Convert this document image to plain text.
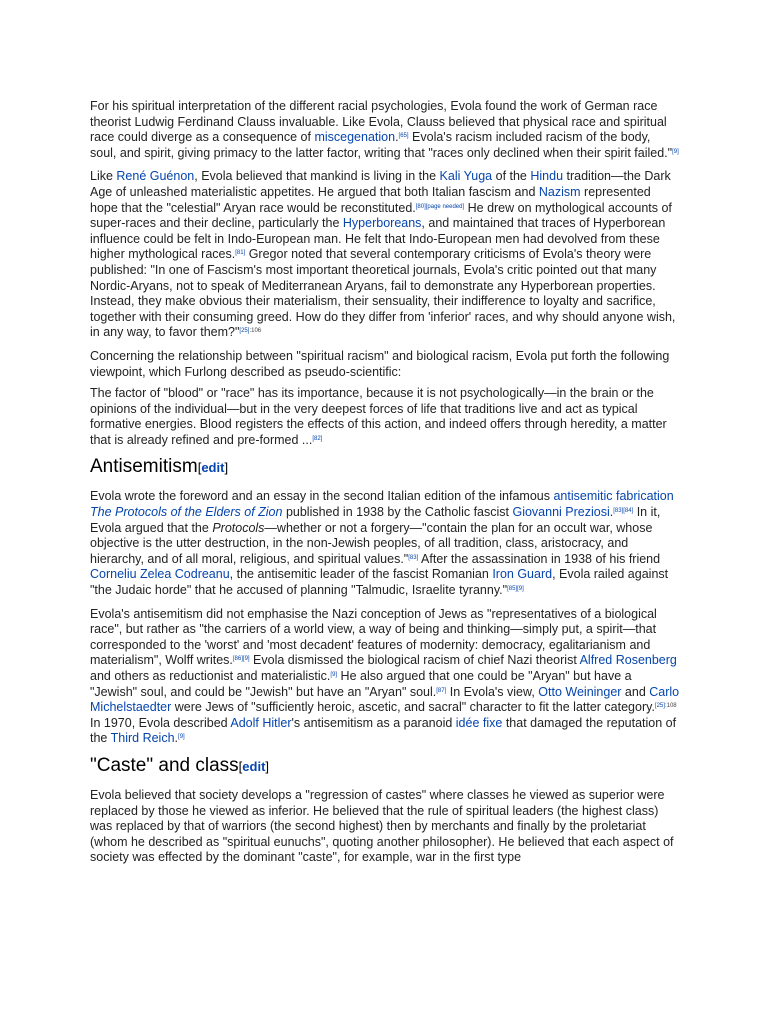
For his spiritual interpretation of the different racial psychologies, Evola found the work of German race theorist Ludwig Ferdinand Clauss invaluable. Like Evola, Clauss believed that physical race and spiritual race could diverge as a consequence of miscegenation.[65] Evola's racism included racism of the body, soul, and spirit, giving primacy to the latter factor, writing that "races only declined when their spirit failed."[9]

Like René Guénon, Evola believed that mankind is living in the Kali Yuga of the Hindu tradition—the Dark Age of unleashed materialistic appetites. He argued that both Italian fascism and Nazism represented hope that the "celestial" Aryan race would be reconstituted.[80][page needed] He drew on mythological accounts of super-races and their decline, particularly the Hyperboreans, and maintained that traces of Hyperborean influence could be felt in Indo-European man. He felt that Indo-European men had devolved from these higher mythological races.[81] Gregor noted that several contemporary criticisms of Evola's theory were published: "In one of Fascism's most important theoretical journals, Evola's critic pointed out that many Nordic-Aryans, not to speak of Mediterranean Aryans, fail to demonstrate any Hyperborean properties. Instead, they make obvious their materialism, their sensuality, their indifference to loyalty and sacrifice, together with their consuming greed. How do they differ from 'inferior' races, and why should anyone wish, in any way, to favor them?"$^{[25]:106}$

Concerning the relationship between "spiritual racism" and biological racism, Evola put forth the following viewpoint, which Furlong described as pseudo-scientific:

The factor of "blood" or "race" has its importance, because it is not psychologically—in the brain or the opinions of the individual—but in the very deepest forces of life that traditions live and act as typical formative energies. Blood registers the effects of this action, and indeed offers through heredity, a matter that is already refined and pre-formed ...[82]

Antisemitism[edit]

Evola wrote the foreword and an essay in the second Italian edition of the infamous antisemitic fabrication The Protocols of the Elders of Zion published in 1938 by the Catholic fascist Giovanni Preziosi.[83][84] In it, Evola argued that the Protocols—whether or not a forgery—"contain the plan for an occult war, whose objective is the utter destruction, in the non-Jewish peoples, of all tradition, class, aristocracy, and hierarchy, and of all moral, religious, and spiritual values."[83] After the assassination in 1938 of his friend Corneliu Zelea Codreanu, the antisemitic leader of the fascist Romanian Iron Guard, Evola railed against "the Judaic horde" that he accused of planning "Talmudic, Israelite tyranny."[85][9]

Evola's antisemitism did not emphasise the Nazi conception of Jews as "representatives of a biological race", but rather as "the carriers of a world view, a way of being and thinking—simply put, a spirit—that corresponded to the 'worst' and 'most decadent' features of modernity: democracy, egalitarianism and materialism", Wolff writes.[86][9] Evola dismissed the biological racism of chief Nazi theorist Alfred Rosenberg and others as reductionist and materialistic.[9] He also argued that one could be "Aryan" but have a "Jewish" soul, and could be "Jewish" but have an "Aryan" soul.[87] In Evola's view, Otto Weininger and Carlo Michelstaedter were Jews of "sufficiently heroic, ascetic, and sacral" character to fit the latter category.$^{[25]:108}$ In 1970, Evola described Adolf Hitler's antisemitism as a paranoid idée fixe that damaged the reputation of the Third Reich.[9]

"Caste" and class[edit]

Evola believed that society develops a "regression of castes" where classes he viewed as superior were replaced by those he viewed as inferior. He believed that the rule of spiritual leaders (the highest class) was replaced by that of warriors (the second highest) then by merchants and finally by the proletariat (whom he described as "spiritual eunuchs", quoting another philosopher). He believed that each aspect of society was effected by the dominant "caste", for example, war in the first type
